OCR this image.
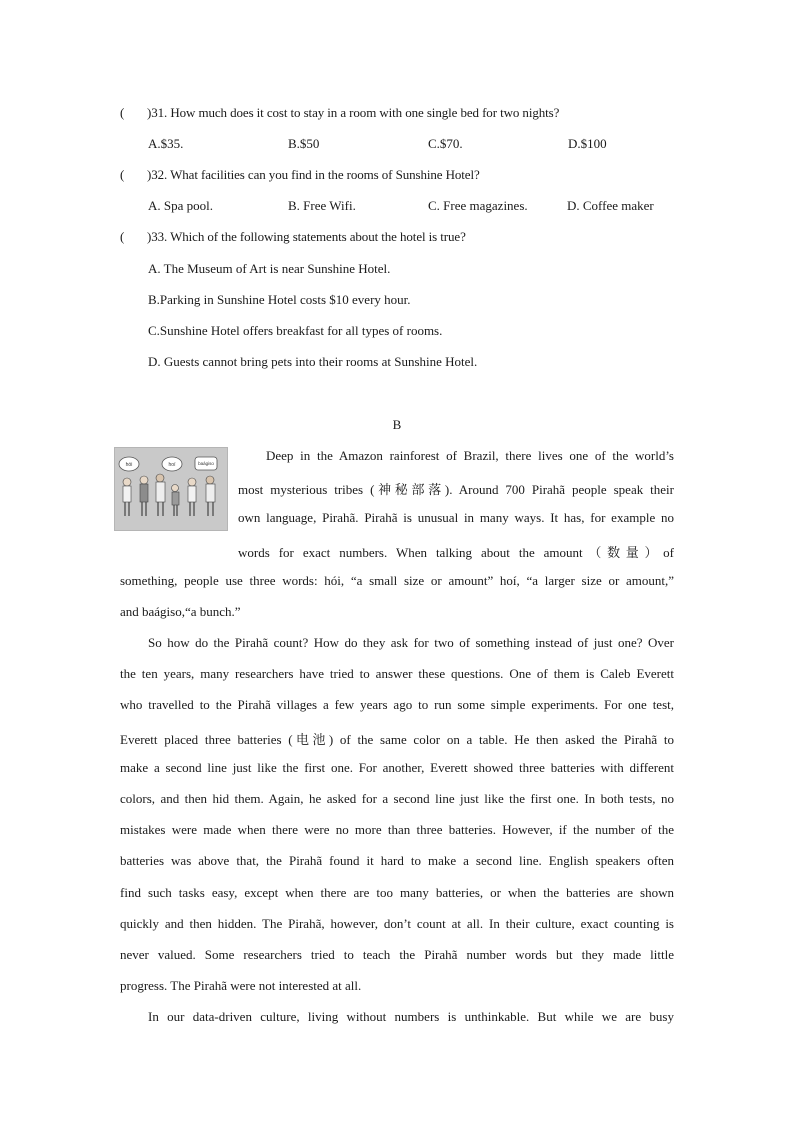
( )31. How much does it cost to stay in a room with one single bed for two nights?
A.$35.	B.$50	C.$70.	D.$100
( )32. What facilities can you find in the rooms of Sunshine Hotel?
A. Spa pool.	B. Free Wifi.	C. Free magazines.	D. Coffee maker
( )33. Which of the following statements about the hotel is true?
A. The Museum of Art is near Sunshine Hotel.
B.Parking in Sunshine Hotel costs $10 every hour.
C.Sunshine Hotel offers breakfast for all types of rooms.
D. Guests cannot bring pets into their rooms at Sunshine Hotel.
B
hói	hoí	baágiso
Deep in the Amazon rainforest of Brazil, there lives one of the world’s
most mysterious tribes (神秘部落). Around 700 Pirahã people speak their
own language, Pirahã. Pirahã is unusual in many ways. It has, for example no
words for exact numbers. When talking about the amount（数量）of
something, people use three words: hói, “a small size or amount” hoí, “a larger size or amount,”
and baágiso,“a bunch.”
So how do the Pirahã count? How do they ask for two of something instead of just one? Over
the ten years, many researchers have tried to answer these questions. One of them is Caleb Everett
who travelled to the Pirahã villages a few years ago to run some simple experiments. For one test,
Everett placed three batteries (电池) of the same color on a table. He then asked the Pirahã to
make a second line just like the first one. For another, Everett showed three batteries with different
colors, and then hid them. Again, he asked for a second line just like the first one. In both tests, no
mistakes were made when there were no more than three batteries. However, if the number of the
batteries was above that, the Pirahã found it hard to make a second line. English speakers often
find such tasks easy, except when there are too many batteries, or when the batteries are shown
quickly and then hidden. The Pirahã, however, don’t count at all. In their culture, exact counting is
never valued. Some researchers tried to teach the Pirahã number words but they made little
progress. The Pirahã were not interested at all.
In our data-driven culture, living without numbers is unthinkable. But while we are busy
